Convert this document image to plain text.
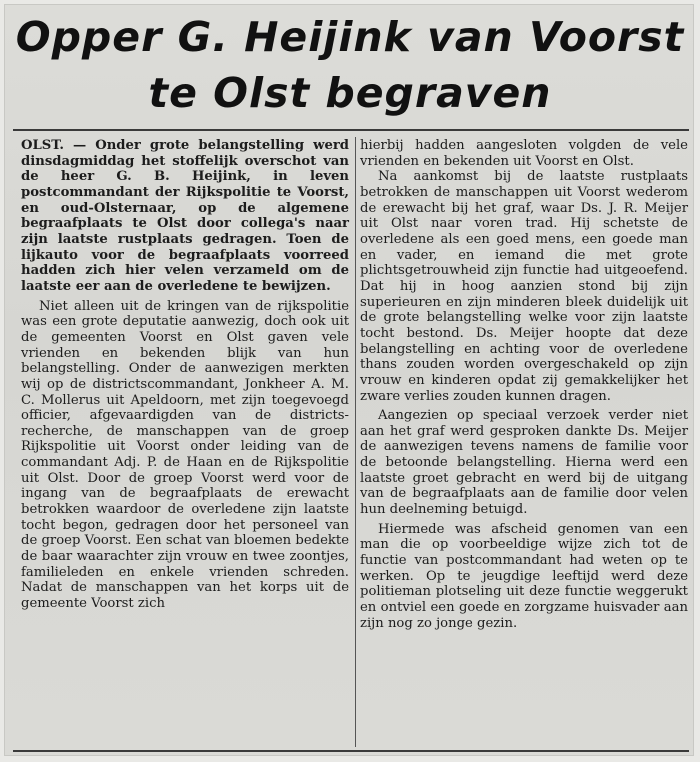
Opper G. Heijink van Voorst
te Olst begraven

OLST. — Onder grote belangstelling werd dinsdagmiddag het stoffelijk overschot van de heer G. B. Heijink, in leven postcommandant der Rijkspolitie te Voorst, en oud-Olsternaar, op de algemene begraafplaats te Olst door collega's naar zijn laatste rustplaats gedragen. Toen de lijkauto voor de begraafplaats voorreed hadden zich hier velen verzameld om de laatste eer aan de overledene te bewijzen.

Niet alleen uit de kringen van de rijkspolitie was een grote deputatie aanwezig, doch ook uit de gemeenten Voorst en Olst gaven vele vrienden en bekenden blijk van hun belangstelling. Onder de aanwezigen merkten wij op de districtscommandant, Jonkheer A. M. C. Mollerus uit Apeldoorn, met zijn toegevoegd officier, afgevaardigden van de districts-recherche, de manschappen van de groep Rijkspolitie uit Voorst onder leiding van de commandant Adj. P. de Haan en de Rijkspolitie uit Olst. Door de groep Voorst werd voor de ingang van de begraafplaats de erewacht betrokken waardoor de overledene zijn laatste tocht begon, gedragen door het personeel van de groep Voorst. Een schat van bloemen bedekte de baar waarachter zijn vrouw en twee zoontjes, familieleden en enkele vrienden schreden. Nadat de manschappen van het korps uit de gemeente Voorst zich

hierbij hadden aangesloten volgden de vele vrienden en bekenden uit Voorst en Olst.

Na aankomst bij de laatste rustplaats betrokken de manschappen uit Voorst wederom de erewacht bij het graf, waar Ds. J. R. Meijer uit Olst naar voren trad. Hij schetste de overledene als een goed mens, een goede man en vader, en iemand die met grote plichtsgetrouwheid zijn functie had uitgeoefend. Dat hij in hoog aanzien stond bij zijn superieuren en zijn minderen bleek duidelijk uit de grote belangstelling welke voor zijn laatste tocht bestond. Ds. Meijer hoopte dat deze belangstelling en achting voor de overledene thans zouden worden overgeschakeld op zijn vrouw en kinderen opdat zij gemakkelijker het zware verlies zouden kunnen dragen.

Aangezien op speciaal verzoek verder niet aan het graf werd gesproken dankte Ds. Meijer de aanwezigen tevens namens de familie voor de betoonde belangstelling. Hierna werd een laatste groet gebracht en werd bij de uitgang van de begraafplaats aan de familie door velen hun deelneming betuigd.

Hiermede was afscheid genomen van een man die op voorbeeldige wijze zich tot de functie van postcommandant had weten op te werken. Op te jeugdige leeftijd werd deze politieman plotseling uit deze functie weggerukt en ontviel een goede en zorgzame huisvader aan zijn nog zo jonge gezin.
